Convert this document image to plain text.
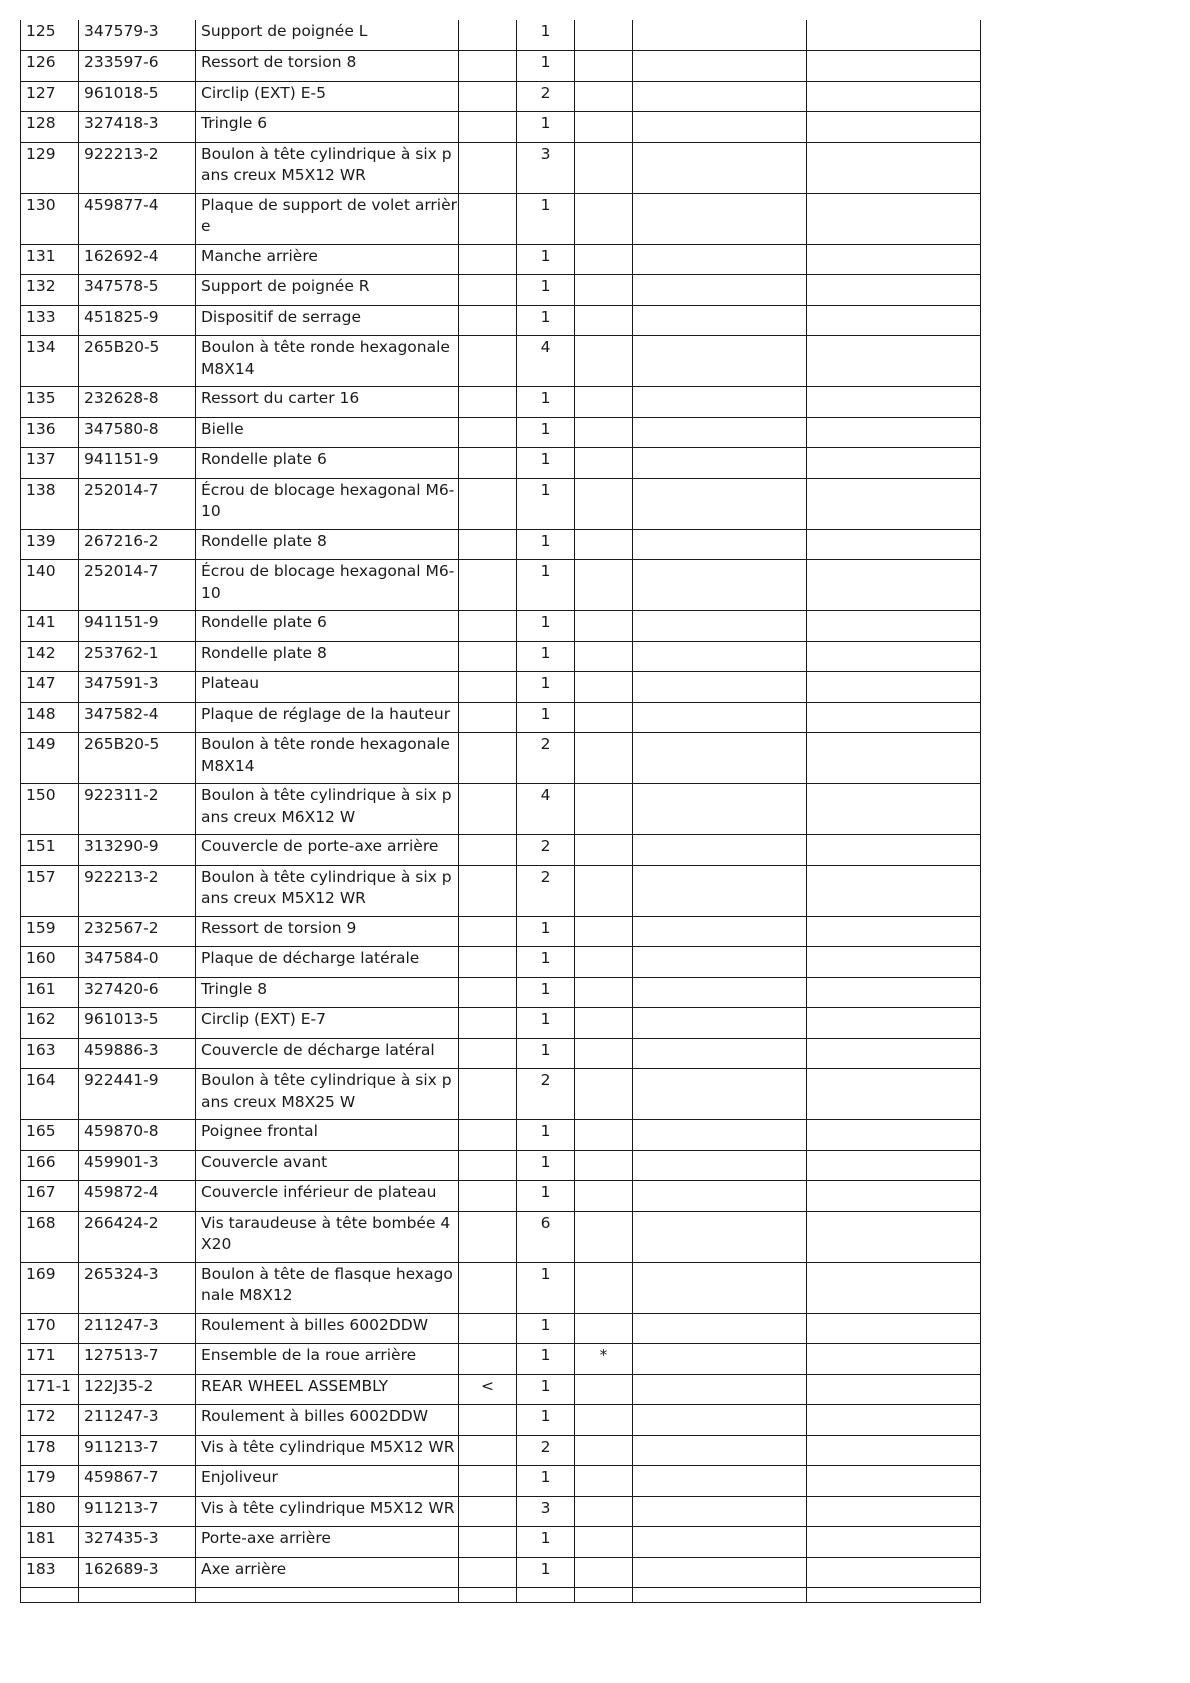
125	347579-3	Support de poignée L		1			
126	233597-6	Ressort de torsion 8		1			
127	961018-5	Circlip (EXT) E-5		2			
128	327418-3	Tringle 6		1			
129	922213-2	Boulon à tête cylindrique à six pans creux M5X12 WR		3			
130	459877-4	Plaque de support de volet arrière		1			
131	162692-4	Manche arrière		1			
132	347578-5	Support de poignée R		1			
133	451825-9	Dispositif de serrage		1			
134	265B20-5	Boulon à tête ronde hexagonale M8X14		4			
135	232628-8	Ressort du carter 16		1			
136	347580-8	Bielle		1			
137	941151-9	Rondelle plate 6		1			
138	252014-7	Écrou de blocage hexagonal M6-10		1			
139	267216-2	Rondelle plate 8		1			
140	252014-7	Écrou de blocage hexagonal M6-10		1			
141	941151-9	Rondelle plate 6		1			
142	253762-1	Rondelle plate 8		1			
147	347591-3	Plateau		1			
148	347582-4	Plaque de réglage de la hauteur		1			
149	265B20-5	Boulon à tête ronde hexagonale M8X14		2			
150	922311-2	Boulon à tête cylindrique à six pans creux M6X12 W		4			
151	313290-9	Couvercle de porte-axe arrière		2			
157	922213-2	Boulon à tête cylindrique à six pans creux M5X12 WR		2			
159	232567-2	Ressort de torsion 9		1			
160	347584-0	Plaque de décharge latérale		1			
161	327420-6	Tringle 8		1			
162	961013-5	Circlip (EXT) E-7		1			
163	459886-3	Couvercle de décharge latéral		1			
164	922441-9	Boulon à tête cylindrique à six pans creux M8X25 W		2			
165	459870-8	Poignee frontal		1			
166	459901-3	Couvercle avant		1			
167	459872-4	Couvercle inférieur de plateau		1			
168	266424-2	Vis taraudeuse à tête bombée 4X20		6			
169	265324-3	Boulon à tête de flasque hexagonale M8X12		1			
170	211247-3	Roulement à billes 6002DDW		1			
171	127513-7	Ensemble de la roue arrière		1	*		
171-1	122J35-2	REAR WHEEL ASSEMBLY	<	1			
172	211247-3	Roulement à billes 6002DDW		1			
178	911213-7	Vis à tête cylindrique M5X12 WR		2			
179	459867-7	Enjoliveur		1			
180	911213-7	Vis à tête cylindrique M5X12 WR		3			
181	327435-3	Porte-axe arrière		1			
183	162689-3	Axe arrière		1			
